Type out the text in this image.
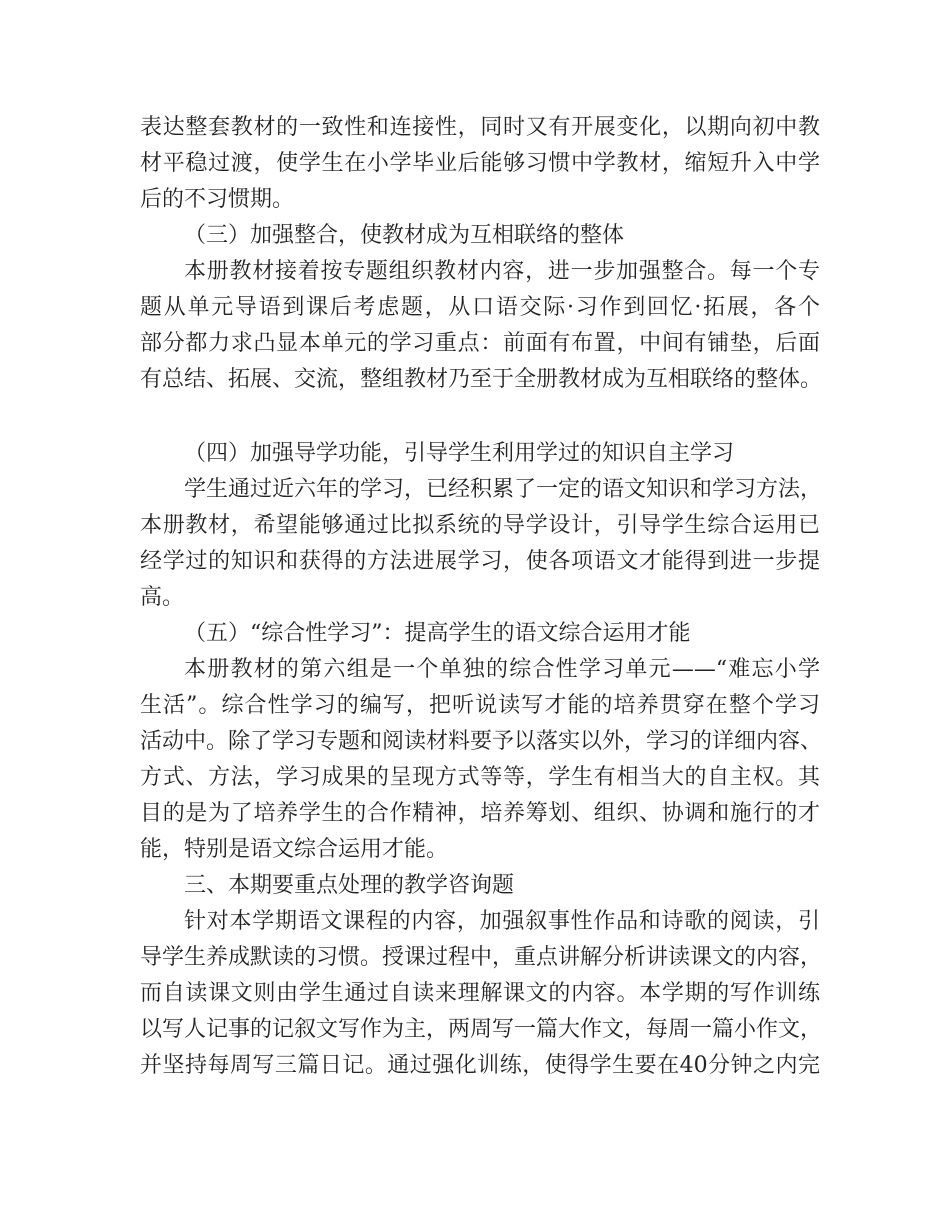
表达整套教材的一致性和连接性，同时又有开展变化，以期向初中教
材平稳过渡，使学生在小学毕业后能够习惯中学教材，缩短升入中学
后的不习惯期。
（三）加强整合，使教材成为互相联络的整体
本册教材接着按专题组织教材内容，进一步加强整合。每一个专
题从单元导语到课后考虑题，从口语交际·习作到回忆·拓展，各个
部分都力求凸显本单元的学习重点：前面有布置，中间有铺垫，后面
有总结、拓展、交流，整组教材乃至于全册教材成为互相联络的整体。
（四）加强导学功能，引导学生利用学过的知识自主学习
学生通过近六年的学习，已经积累了一定的语文知识和学习方法，
本册教材，希望能够通过比拟系统的导学设计，引导学生综合运用已
经学过的知识和获得的方法进展学习，使各项语文才能得到进一步提
高。
（五）“综合性学习”：提高学生的语文综合运用才能
本册教材的第六组是一个单独的综合性学习单元——“难忘小学
生活”。综合性学习的编写，把听说读写才能的培养贯穿在整个学习
活动中。除了学习专题和阅读材料要予以落实以外，学习的详细内容、
方式、方法，学习成果的呈现方式等等，学生有相当大的自主权。其
目的是为了培养学生的合作精神，培养筹划、组织、协调和施行的才
能，特别是语文综合运用才能。
三、本期要重点处理的教学咨询题
针对本学期语文课程的内容，加强叙事性作品和诗歌的阅读，引
导学生养成默读的习惯。授课过程中，重点讲解分析讲读课文的内容，
而自读课文则由学生通过自读来理解课文的内容。本学期的写作训练
以写人记事的记叙文写作为主，两周写一篇大作文，每周一篇小作文，
并坚持每周写三篇日记。通过强化训练，使得学生要在40分钟之内完
